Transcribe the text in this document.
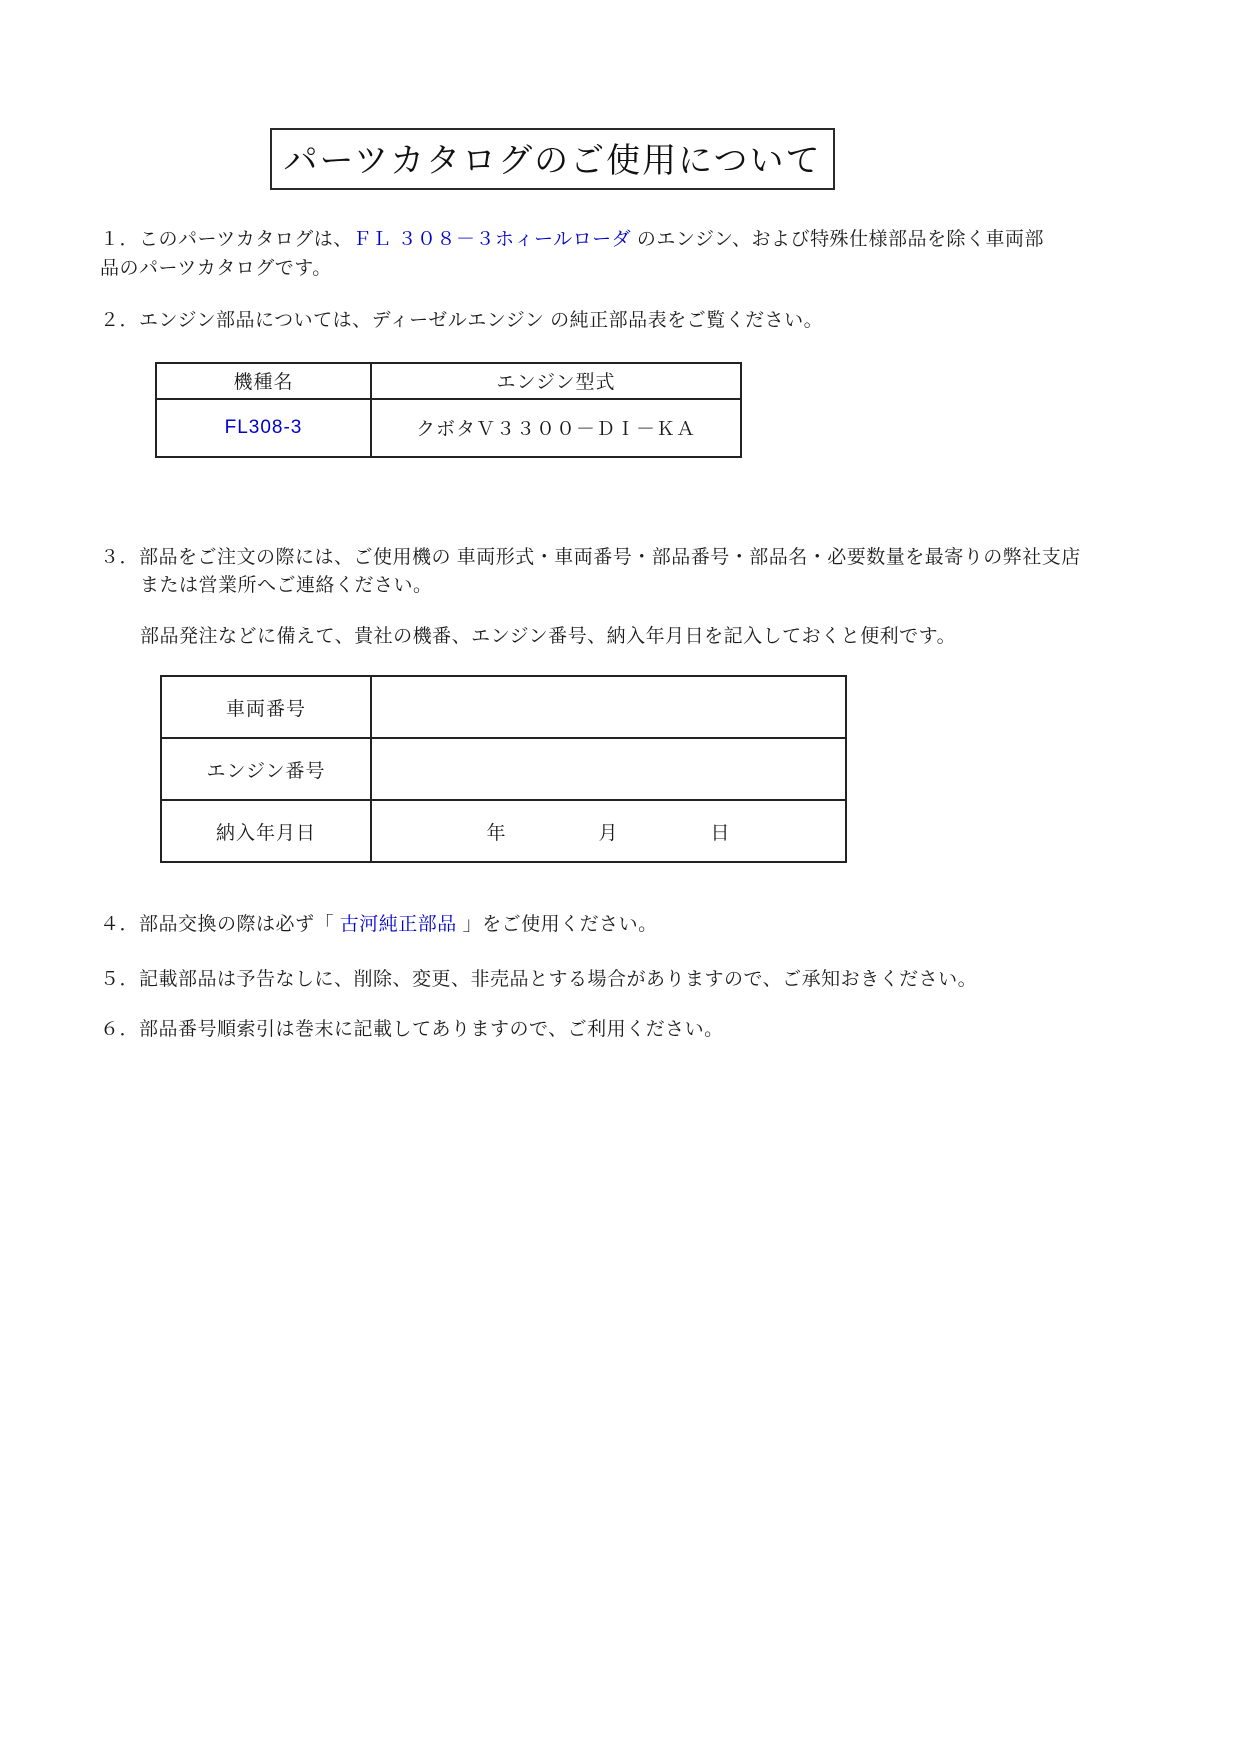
パーツカタログのご使用について

１．このパーツカタログは、ＦＬ ３０８－３ホィールローダ のエンジン、および特殊仕様部品を除く車両部品のパーツカタログです。

２．エンジン部品については、ディーゼルエンジン の純正部品表をご覧ください。

機種名	エンジン型式
FL308-3	クボタＶ３３００－ＤＩ－ＫＡ

３．部品をご注文の際には、ご使用機の 車両形式・車両番号・部品番号・部品名・必要数量を最寄りの弊社支店または営業所へご連絡ください。

部品発注などに備えて、貴社の機番、エンジン番号、納入年月日を記入しておくと便利です。

車両番号	
エンジン番号	
納入年月日	年 月 日

４．部品交換の際は必ず「 古河純正部品 」をご使用ください。

５．記載部品は予告なしに、削除、変更、非売品とする場合がありますので、ご承知おきください。

６．部品番号順索引は巻末に記載してありますので、ご利用ください。
